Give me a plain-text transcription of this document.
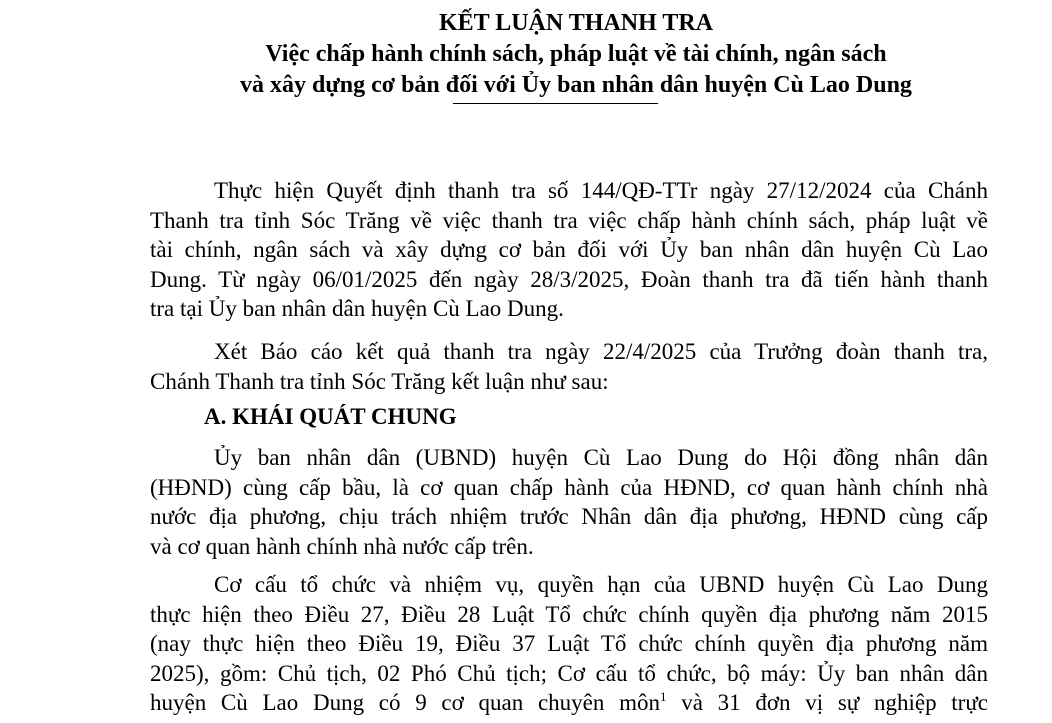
KẾT LUẬN THANH TRA
Việc chấp hành chính sách, pháp luật về tài chính, ngân sách
và xây dựng cơ bản đối với Ủy ban nhân dân huyện Cù Lao Dung
Thực hiện Quyết định thanh tra số 144/QĐ-TTr ngày 27/12/2024 của Chánh
Thanh tra tỉnh Sóc Trăng về việc thanh tra việc chấp hành chính sách, pháp luật về
tài chính, ngân sách và xây dựng cơ bản đối với Ủy ban nhân dân huyện Cù Lao
Dung. Từ ngày 06/01/2025 đến ngày 28/3/2025, Đoàn thanh tra đã tiến hành thanh
tra tại Ủy ban nhân dân huyện Cù Lao Dung.
Xét Báo cáo kết quả thanh tra ngày 22/4/2025 của Trưởng đoàn thanh tra,
Chánh Thanh tra tỉnh Sóc Trăng kết luận như sau:
A. KHÁI QUÁT CHUNG
Ủy ban nhân dân (UBND) huyện Cù Lao Dung do Hội đồng nhân dân
(HĐND) cùng cấp bầu, là cơ quan chấp hành của HĐND, cơ quan hành chính nhà
nước địa phương, chịu trách nhiệm trước Nhân dân địa phương, HĐND cùng cấp
và cơ quan hành chính nhà nước cấp trên.
Cơ cấu tổ chức và nhiệm vụ, quyền hạn của UBND huyện Cù Lao Dung
thực hiện theo Điều 27, Điều 28 Luật Tổ chức chính quyền địa phương năm 2015
(nay thực hiện theo Điều 19, Điều 37 Luật Tổ chức chính quyền địa phương năm
2025), gồm: Chủ tịch, 02 Phó Chủ tịch; Cơ cấu tổ chức, bộ máy: Ủy ban nhân dân
huyện Cù Lao Dung có 9 cơ quan chuyên môn$^1$ và 31 đơn vị sự nghiệp trực
